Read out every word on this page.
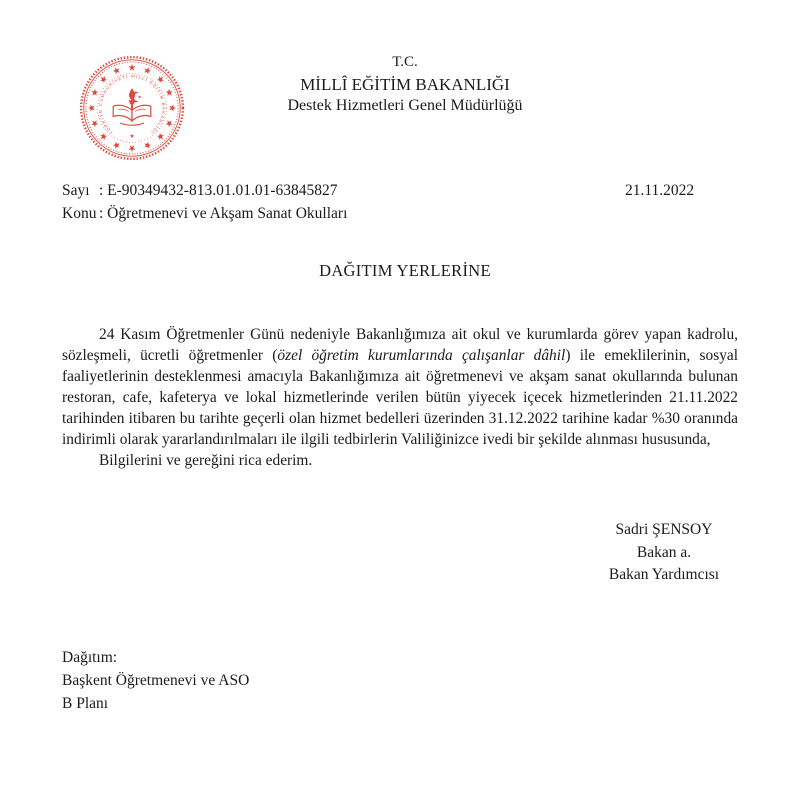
TÜRKİYE CUMHURİYETİ MİLLÎ EĞİTİM BAKANLIĞI
T.C.
MİLLÎ EĞİTİM BAKANLIĞI
Destek Hizmetleri Genel Müdürlüğü
Sayı : E-90349432-813.01.01.01-63845827
Konu : Öğretmenevi ve Akşam Sanat Okulları
21.11.2022
DAĞITIM YERLERİNE

24 Kasım Öğretmenler Günü nedeniyle Bakanlığımıza ait okul ve kurumlarda görev yapan kadrolu, sözleşmeli, ücretli öğretmenler (özel öğretim kurumlarında çalışanlar dâhil) ile emeklilerinin, sosyal faaliyetlerinin desteklenmesi amacıyla Bakanlığımıza ait öğretmenevi ve akşam sanat okullarında bulunan restoran, cafe, kafeterya ve lokal hizmetlerinde verilen bütün yiyecek içecek hizmetlerinden 21.11.2022 tarihinden itibaren bu tarihte geçerli olan hizmet bedelleri üzerinden 31.12.2022 tarihine kadar %30 oranında indirimli olarak yararlandırılmaları ile ilgili tedbirlerin Valiliğinizce ivedi bir şekilde alınması hususunda,

Bilgilerini ve gereğini rica ederim.

Sadri ŞENSOY
Bakan a.
Bakan Yardımcısı
Dağıtım:
Başkent Öğretmenevi ve ASO
B Planı
